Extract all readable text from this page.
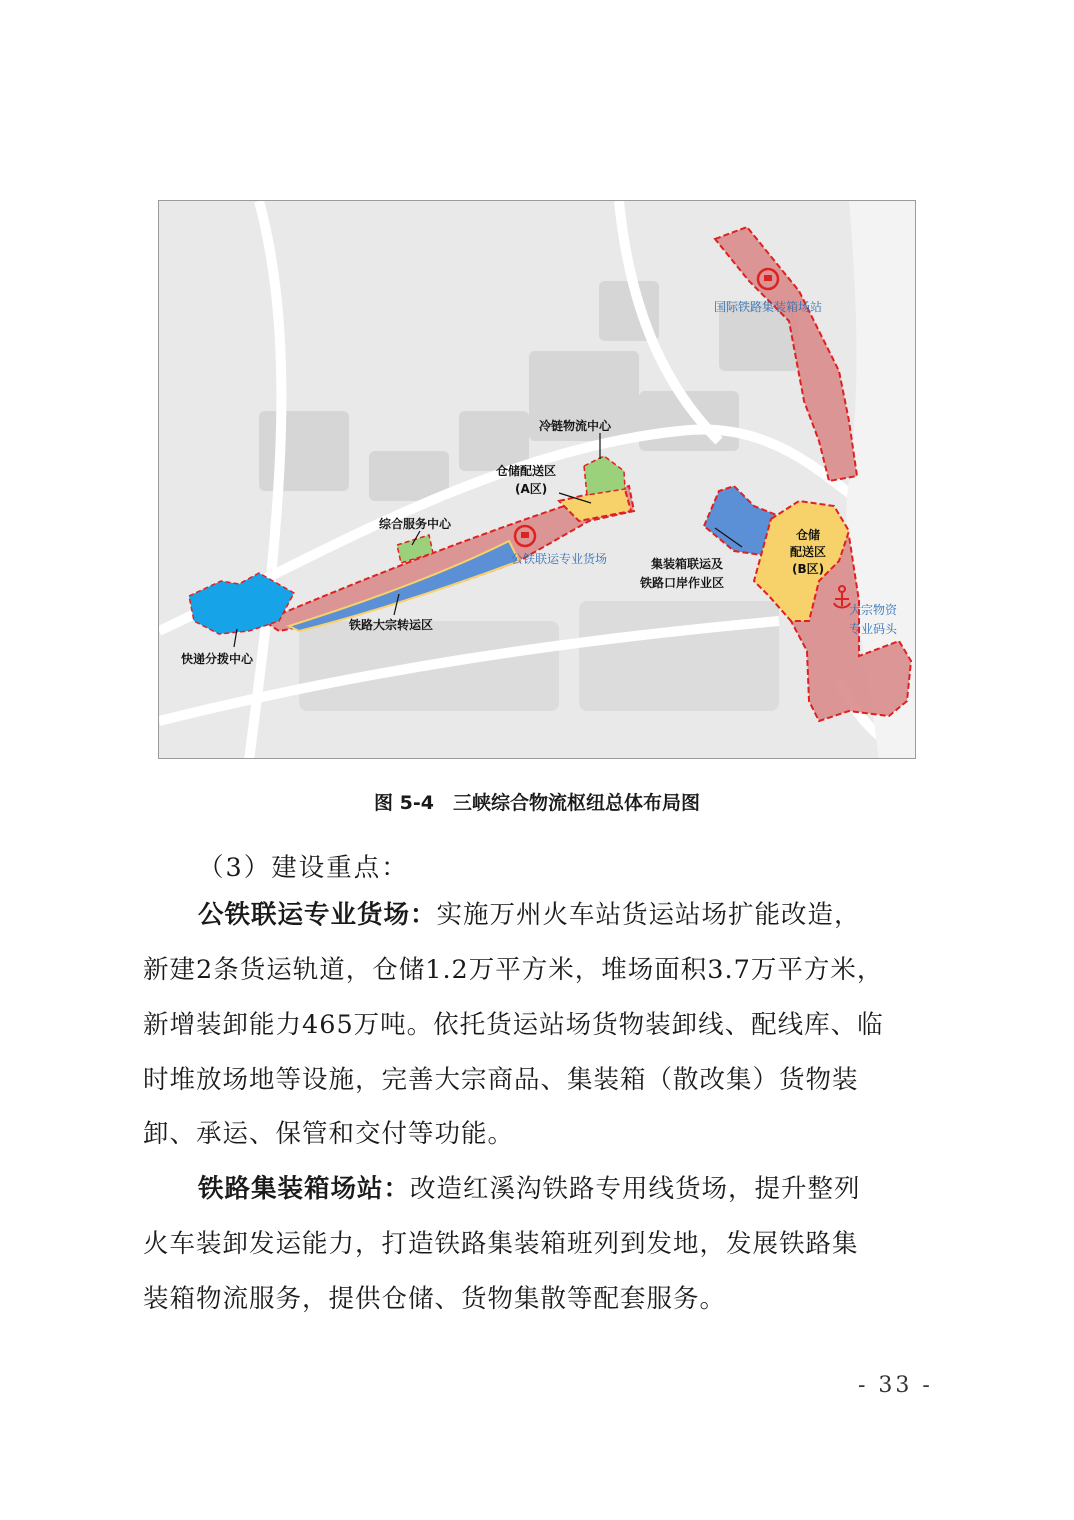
国际铁路集装箱场站
冷链物流中心
仓储配送区
(A区)
综合服务中心
公铁联运专业货场	集装箱联运及
铁路口岸作业区
仓储
配送区
(B区)
大宗物资
专业码头
铁路大宗转运区
快递分拨中心
图 5-4　三峡综合物流枢纽总体布局图
（3）建设重点：
公铁联运专业货场：实施万州火车站货运站场扩能改造，
新建2条货运轨道，仓储1.2万平方米，堆场面积3.7万平方米，
新增装卸能力465万吨。依托货运站场货物装卸线、配线库、临
时堆放场地等设施，完善大宗商品、集装箱（散改集）货物装
卸、承运、保管和交付等功能。
铁路集装箱场站：改造红溪沟铁路专用线货场，提升整列
火车装卸发运能力，打造铁路集装箱班列到发地，发展铁路集
装箱物流服务，提供仓储、货物集散等配套服务。
- 33 -
